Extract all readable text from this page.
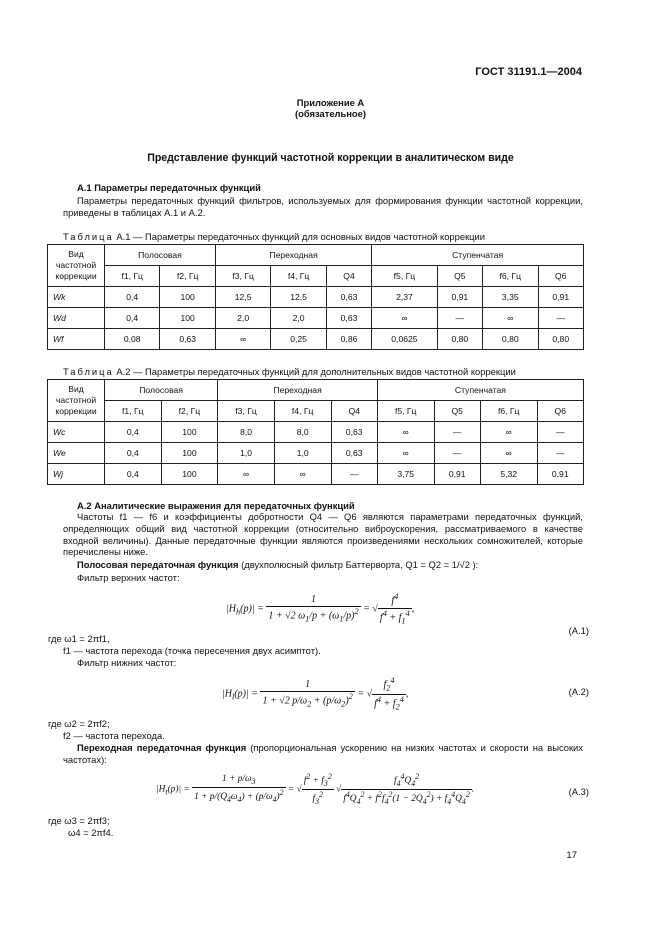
ГОСТ 31191.1—2004
Приложение А
(обязательное)
Представление функций частотной коррекции в аналитическом виде
А.1 Параметры передаточных функций
Параметры передаточных функций фильтров, используемых для формирования функции частотной коррекции, приведены в таблицах А.1 и А.2.
Таблица А.1 — Параметры передаточных функций для основных видов частотной коррекции
Вид частотной коррекции	Полосовая		Переходная			Ступенчатая			
	f1, Гц	f2, Гц	f3, Гц	f4, Гц	Q4	f5, Гц	Q5	f6, Гц	Q6
Wk	0,4	100	12,5	12,5	0,63	2,37	0,91	3,35	0,91
Wd	0,4	100	2,0	2,0	0,63	∞	—	∞	—
Wf	0,08	0,63	∞	0,25	0,86	0,0625	0,80	0,80	0,80
Таблица А.2 — Параметры передаточных функций для дополнительных видов частотной коррекции
Вид частотной коррекции	Полосовая		Переходная			Ступенчатая			
	f1, Гц	f2, Гц	f3, Гц	f4, Гц	Q4	f5, Гц	Q5	f6, Гц	Q6
Wc	0,4	100	8,0	8,0	0,63	∞	—	∞	—
We	0,4	100	1,0	1,0	0,63	∞	—	∞	—
Wj	0,4	100	∞	∞	—	3,75	0,91	5,32	0,91
А.2 Аналитические выражения для передаточных функций
Частоты f1 — f6 и коэффициенты добротности Q4 — Q6 являются параметрами передаточных функций, определяющих общий вид частотной коррекции (относительно виброускорения, рассматриваемого в качестве входной величины). Данные передаточные функции являются произведениями нескольких сомножителей, которые перечислены ниже.
Полосовая передаточная функция (двухполюсный фильтр Баттерворта, Q1 = Q2 = 1/√2 ):
Фильтр верхних частот:
$|H_h(p)| = \frac{1}{1 + √2 \omega_1/p + (\omega_1/p)^2}$ = √ $\frac{f^4}{f^4 + f_1^4}$ ,
(А.1)
где ω1 = 2πf1,
f1 — частота перехода (точка пересечения двух асимптот).
Фильтр нижних частот:
$|H_l(p)| = \frac{1}{1 + √2 p/\omega_2 + (p/\omega_2)^2}$ = √ $\frac{f_2^4}{f^4 + f_2^4}$ ,	(А.2)
где ω2 = 2πf2;
f2 — частота перехода.
Переходная передаточная функция (пропорциональная ускорению на низких частотах и скорости на высоких частотах):
$|H_t(p)| = \frac{1 + p/\omega_3}{1 + p/(Q_4\omega_4) + (p/\omega_4)^2}$ = √ $\frac{f^2 + f_3^2}{f_3^2}$ √ $\frac{f_4^4Q_4^2}{f^4Q_4^2 + f^2f_4^2(1 - 2Q_4^2) + f_4^4Q_4^2}$ .	(А.3)
где ω3 = 2πf3;
ω4 = 2πf4.
17
